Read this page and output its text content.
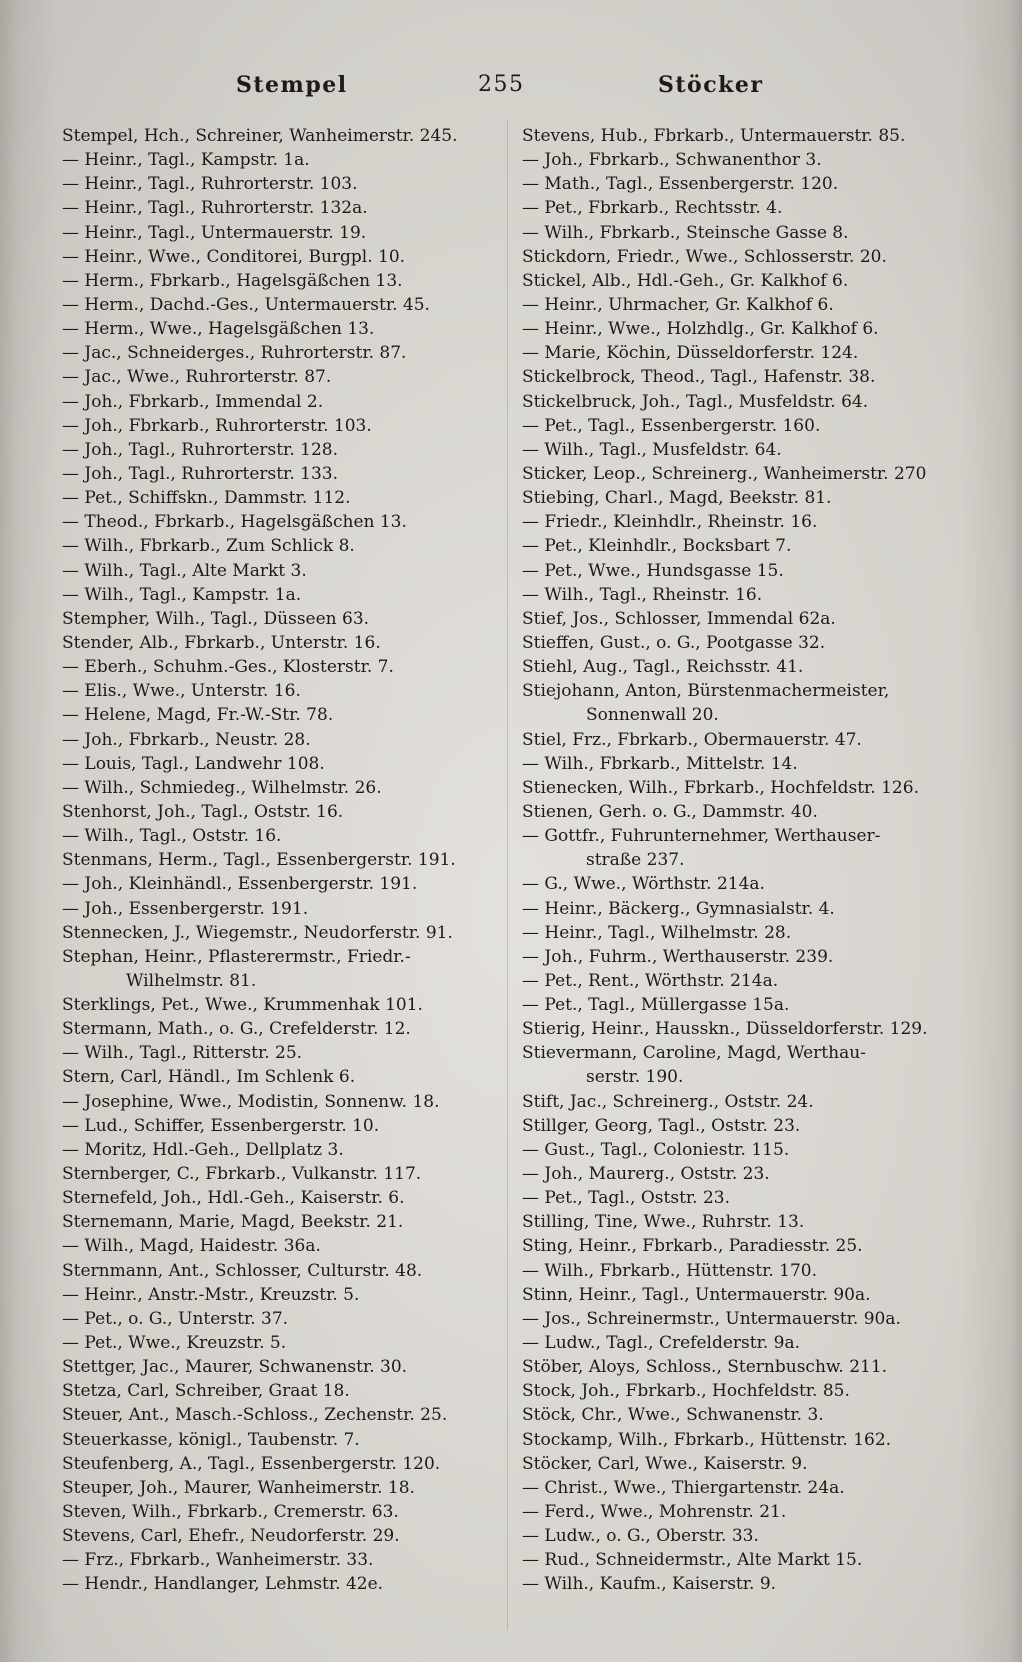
Stempel	255	Stöcker
Stempel, Hch., Schreiner, Wanheimerstr. 245.
— Heinr., Tagl., Kampstr. 1a.
— Heinr., Tagl., Ruhrorterstr. 103.
— Heinr., Tagl., Ruhrorterstr. 132a.
— Heinr., Tagl., Untermauerstr. 19.
— Heinr., Wwe., Conditorei, Burgpl. 10.
— Herm., Fbrkarb., Hagelsgäßchen 13.
— Herm., Dachd.-Ges., Untermauerstr. 45.
— Herm., Wwe., Hagelsgäßchen 13.
— Jac., Schneiderges., Ruhrorterstr. 87.
— Jac., Wwe., Ruhrorterstr. 87.
— Joh., Fbrkarb., Immendal 2.
— Joh., Fbrkarb., Ruhrorterstr. 103.
— Joh., Tagl., Ruhrorterstr. 128.
— Joh., Tagl., Ruhrorterstr. 133.
— Pet., Schiffskn., Dammstr. 112.
— Theod., Fbrkarb., Hagelsgäßchen 13.
— Wilh., Fbrkarb., Zum Schlick 8.
— Wilh., Tagl., Alte Markt 3.
— Wilh., Tagl., Kampstr. 1a.
Stempher, Wilh., Tagl., Düsseen 63.
Stender, Alb., Fbrkarb., Unterstr. 16.
— Eberh., Schuhm.-Ges., Klosterstr. 7.
— Elis., Wwe., Unterstr. 16.
— Helene, Magd, Fr.-W.-Str. 78.
— Joh., Fbrkarb., Neustr. 28.
— Louis, Tagl., Landwehr 108.
— Wilh., Schmiedeg., Wilhelmstr. 26.
Stenhorst, Joh., Tagl., Oststr. 16.
— Wilh., Tagl., Oststr. 16.
Stenmans, Herm., Tagl., Essenbergerstr. 191.
— Joh., Kleinhändl., Essenbergerstr. 191.
— Joh., Essenbergerstr. 191.
Stennecken, J., Wiegemstr., Neudorferstr. 91.
Stephan, Heinr., Pflasterermstr., Friedr.-
Wilhelmstr. 81.
Sterklings, Pet., Wwe., Krummenhak 101.
Stermann, Math., o. G., Crefelderstr. 12.
— Wilh., Tagl., Ritterstr. 25.
Stern, Carl, Händl., Im Schlenk 6.
— Josephine, Wwe., Modistin, Sonnenw. 18.
— Lud., Schiffer, Essenbergerstr. 10.
— Moritz, Hdl.-Geh., Dellplatz 3.
Sternberger, C., Fbrkarb., Vulkanstr. 117.
Sternefeld, Joh., Hdl.-Geh., Kaiserstr. 6.
Sternemann, Marie, Magd, Beekstr. 21.
— Wilh., Magd, Haidestr. 36a.
Sternmann, Ant., Schlosser, Culturstr. 48.
— Heinr., Anstr.-Mstr., Kreuzstr. 5.
— Pet., o. G., Unterstr. 37.
— Pet., Wwe., Kreuzstr. 5.
Stettger, Jac., Maurer, Schwanenstr. 30.
Stetza, Carl, Schreiber, Graat 18.
Steuer, Ant., Masch.-Schloss., Zechenstr. 25.
Steuerkasse, königl., Taubenstr. 7.
Steufenberg, A., Tagl., Essenbergerstr. 120.
Steuper, Joh., Maurer, Wanheimerstr. 18.
Steven, Wilh., Fbrkarb., Cremerstr. 63.
Stevens, Carl, Ehefr., Neudorferstr. 29.
— Frz., Fbrkarb., Wanheimerstr. 33.
— Hendr., Handlanger, Lehmstr. 42e.
Stevens, Hub., Fbrkarb., Untermauerstr. 85.
— Joh., Fbrkarb., Schwanenthor 3.
— Math., Tagl., Essenbergerstr. 120.
— Pet., Fbrkarb., Rechtsstr. 4.
— Wilh., Fbrkarb., Steinsche Gasse 8.
Stickdorn, Friedr., Wwe., Schlosserstr. 20.
Stickel, Alb., Hdl.-Geh., Gr. Kalkhof 6.
— Heinr., Uhrmacher, Gr. Kalkhof 6.
— Heinr., Wwe., Holzhdlg., Gr. Kalkhof 6.
— Marie, Köchin, Düsseldorferstr. 124.
Stickelbrock, Theod., Tagl., Hafenstr. 38.
Stickelbruck, Joh., Tagl., Musfeldstr. 64.
— Pet., Tagl., Essenbergerstr. 160.
— Wilh., Tagl., Musfeldstr. 64.
Sticker, Leop., Schreinerg., Wanheimerstr. 270
Stiebing, Charl., Magd, Beekstr. 81.
— Friedr., Kleinhdlr., Rheinstr. 16.
— Pet., Kleinhdlr., Bocksbart 7.
— Pet., Wwe., Hundsgasse 15.
— Wilh., Tagl., Rheinstr. 16.
Stief, Jos., Schlosser, Immendal 62a.
Stieffen, Gust., o. G., Pootgasse 32.
Stiehl, Aug., Tagl., Reichsstr. 41.
Stiejohann, Anton, Bürstenmachermeister,
Sonnenwall 20.
Stiel, Frz., Fbrkarb., Obermauerstr. 47.
— Wilh., Fbrkarb., Mittelstr. 14.
Stienecken, Wilh., Fbrkarb., Hochfeldstr. 126.
Stienen, Gerh. o. G., Dammstr. 40.
— Gottfr., Fuhrunternehmer, Werthauser-
straße 237.
— G., Wwe., Wörthstr. 214a.
— Heinr., Bäckerg., Gymnasialstr. 4.
— Heinr., Tagl., Wilhelmstr. 28.
— Joh., Fuhrm., Werthauserstr. 239.
— Pet., Rent., Wörthstr. 214a.
— Pet., Tagl., Müllergasse 15a.
Stierig, Heinr., Hausskn., Düsseldorferstr. 129.
Stievermann, Caroline, Magd, Werthau-
serstr. 190.
Stift, Jac., Schreinerg., Oststr. 24.
Stillger, Georg, Tagl., Oststr. 23.
— Gust., Tagl., Coloniestr. 115.
— Joh., Maurerg., Oststr. 23.
— Pet., Tagl., Oststr. 23.
Stilling, Tine, Wwe., Ruhrstr. 13.
Sting, Heinr., Fbrkarb., Paradiesstr. 25.
— Wilh., Fbrkarb., Hüttenstr. 170.
Stinn, Heinr., Tagl., Untermauerstr. 90a.
— Jos., Schreinermstr., Untermauerstr. 90a.
— Ludw., Tagl., Crefelderstr. 9a.
Stöber, Aloys, Schloss., Sternbuschw. 211.
Stock, Joh., Fbrkarb., Hochfeldstr. 85.
Stöck, Chr., Wwe., Schwanenstr. 3.
Stockamp, Wilh., Fbrkarb., Hüttenstr. 162.
Stöcker, Carl, Wwe., Kaiserstr. 9.
— Christ., Wwe., Thiergartenstr. 24a.
— Ferd., Wwe., Mohrenstr. 21.
— Ludw., o. G., Oberstr. 33.
— Rud., Schneidermstr., Alte Markt 15.
— Wilh., Kaufm., Kaiserstr. 9.
